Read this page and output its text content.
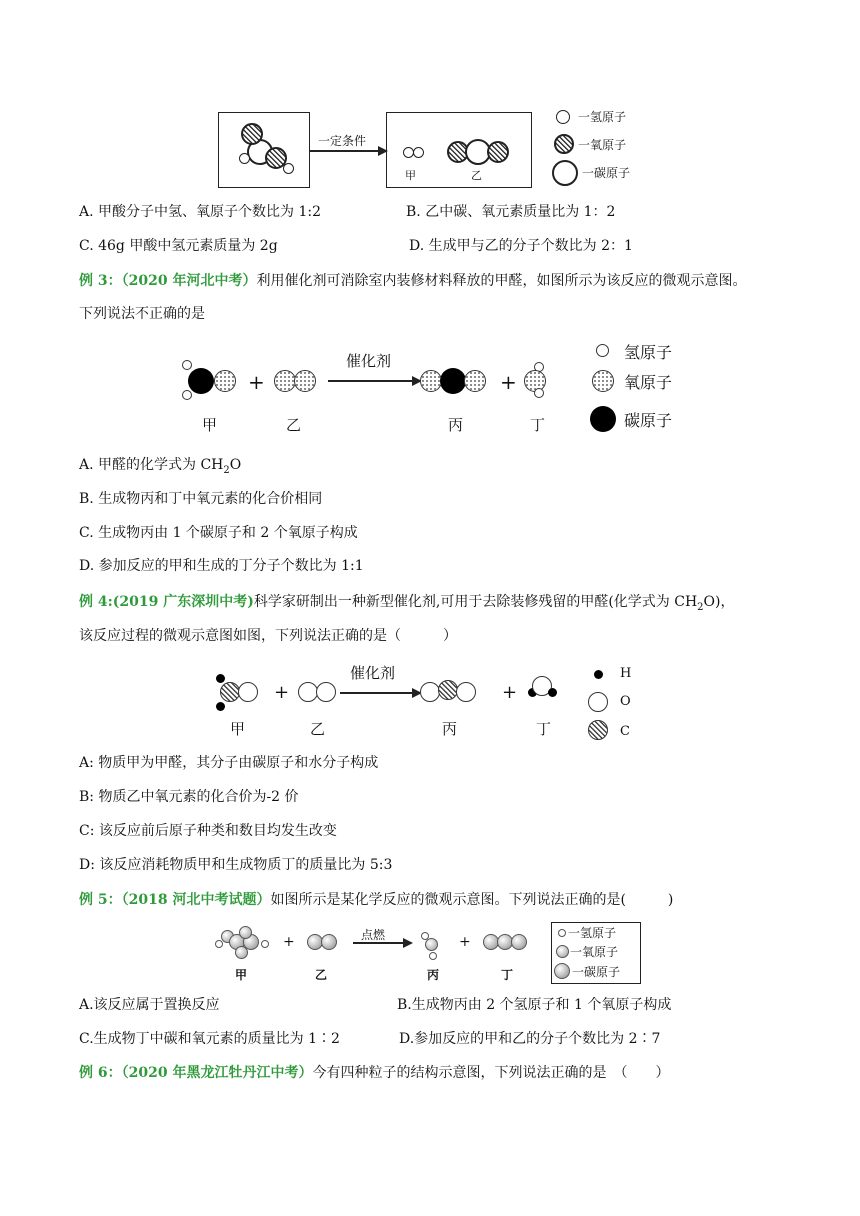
一定条件
甲	乙
一氢原子
一氧原子
一碳原子
A. 甲酸分子中氢、氧原子个数比为 1:2	B. 乙中碳、氧元素质量比为 1：2
C. 46g 甲酸中氢元素质量为 2g	D. 生成甲与乙的分子个数比为 2：1
例 3：（2020 年河北中考）利用催化剂可消除室内装修材料释放的甲醛，如图所示为该反应的微观示意图。
下列说法不正确的是
甲
+
乙
催化剂
丙
+
丁
氢原子
氧原子
碳原子
A. 甲醛的化学式为 $CH_2O$
B. 生成物丙和丁中氧元素的化合价相同
C. 生成物丙由 1 个碳原子和 2 个氧原子构成
D. 参加反应的甲和生成的丁分子个数比为 1:1
例 4:(2019 广东深圳中考)科学家研制出一种新型催化剂,可用于去除装修残留的甲醛(化学式为 $CH_2O$)，
该反应过程的微观示意图如图，下列说法正确的是（　　　）
甲
+
乙
催化剂
丙
+
丁
H
O
C
A: 物质甲为甲醛，其分子由碳原子和水分子构成
B: 物质乙中氧元素的化合价为-2 价
C: 该反应前后原子种类和数目均发生改变
D: 该反应消耗物质甲和生成物质丁的质量比为 5:3
例 5：（2018 河北中考试题）如图所示是某化学反应的微观示意图。下列说法正确的是(　　　)
甲
+
乙
点燃
丙
+
丁
一氢原子
一氧原子
一碳原子
A.该反应属于置换反应	B.生成物丙由 2 个氢原子和 1 个氧原子构成
C.生成物丁中碳和氧元素的质量比为 1∶2	D.参加反应的甲和乙的分子个数比为 2∶7
例 6：（2020 年黑龙江牡丹江中考）今有四种粒子的结构示意图，下列说法正确的是　（　　）
